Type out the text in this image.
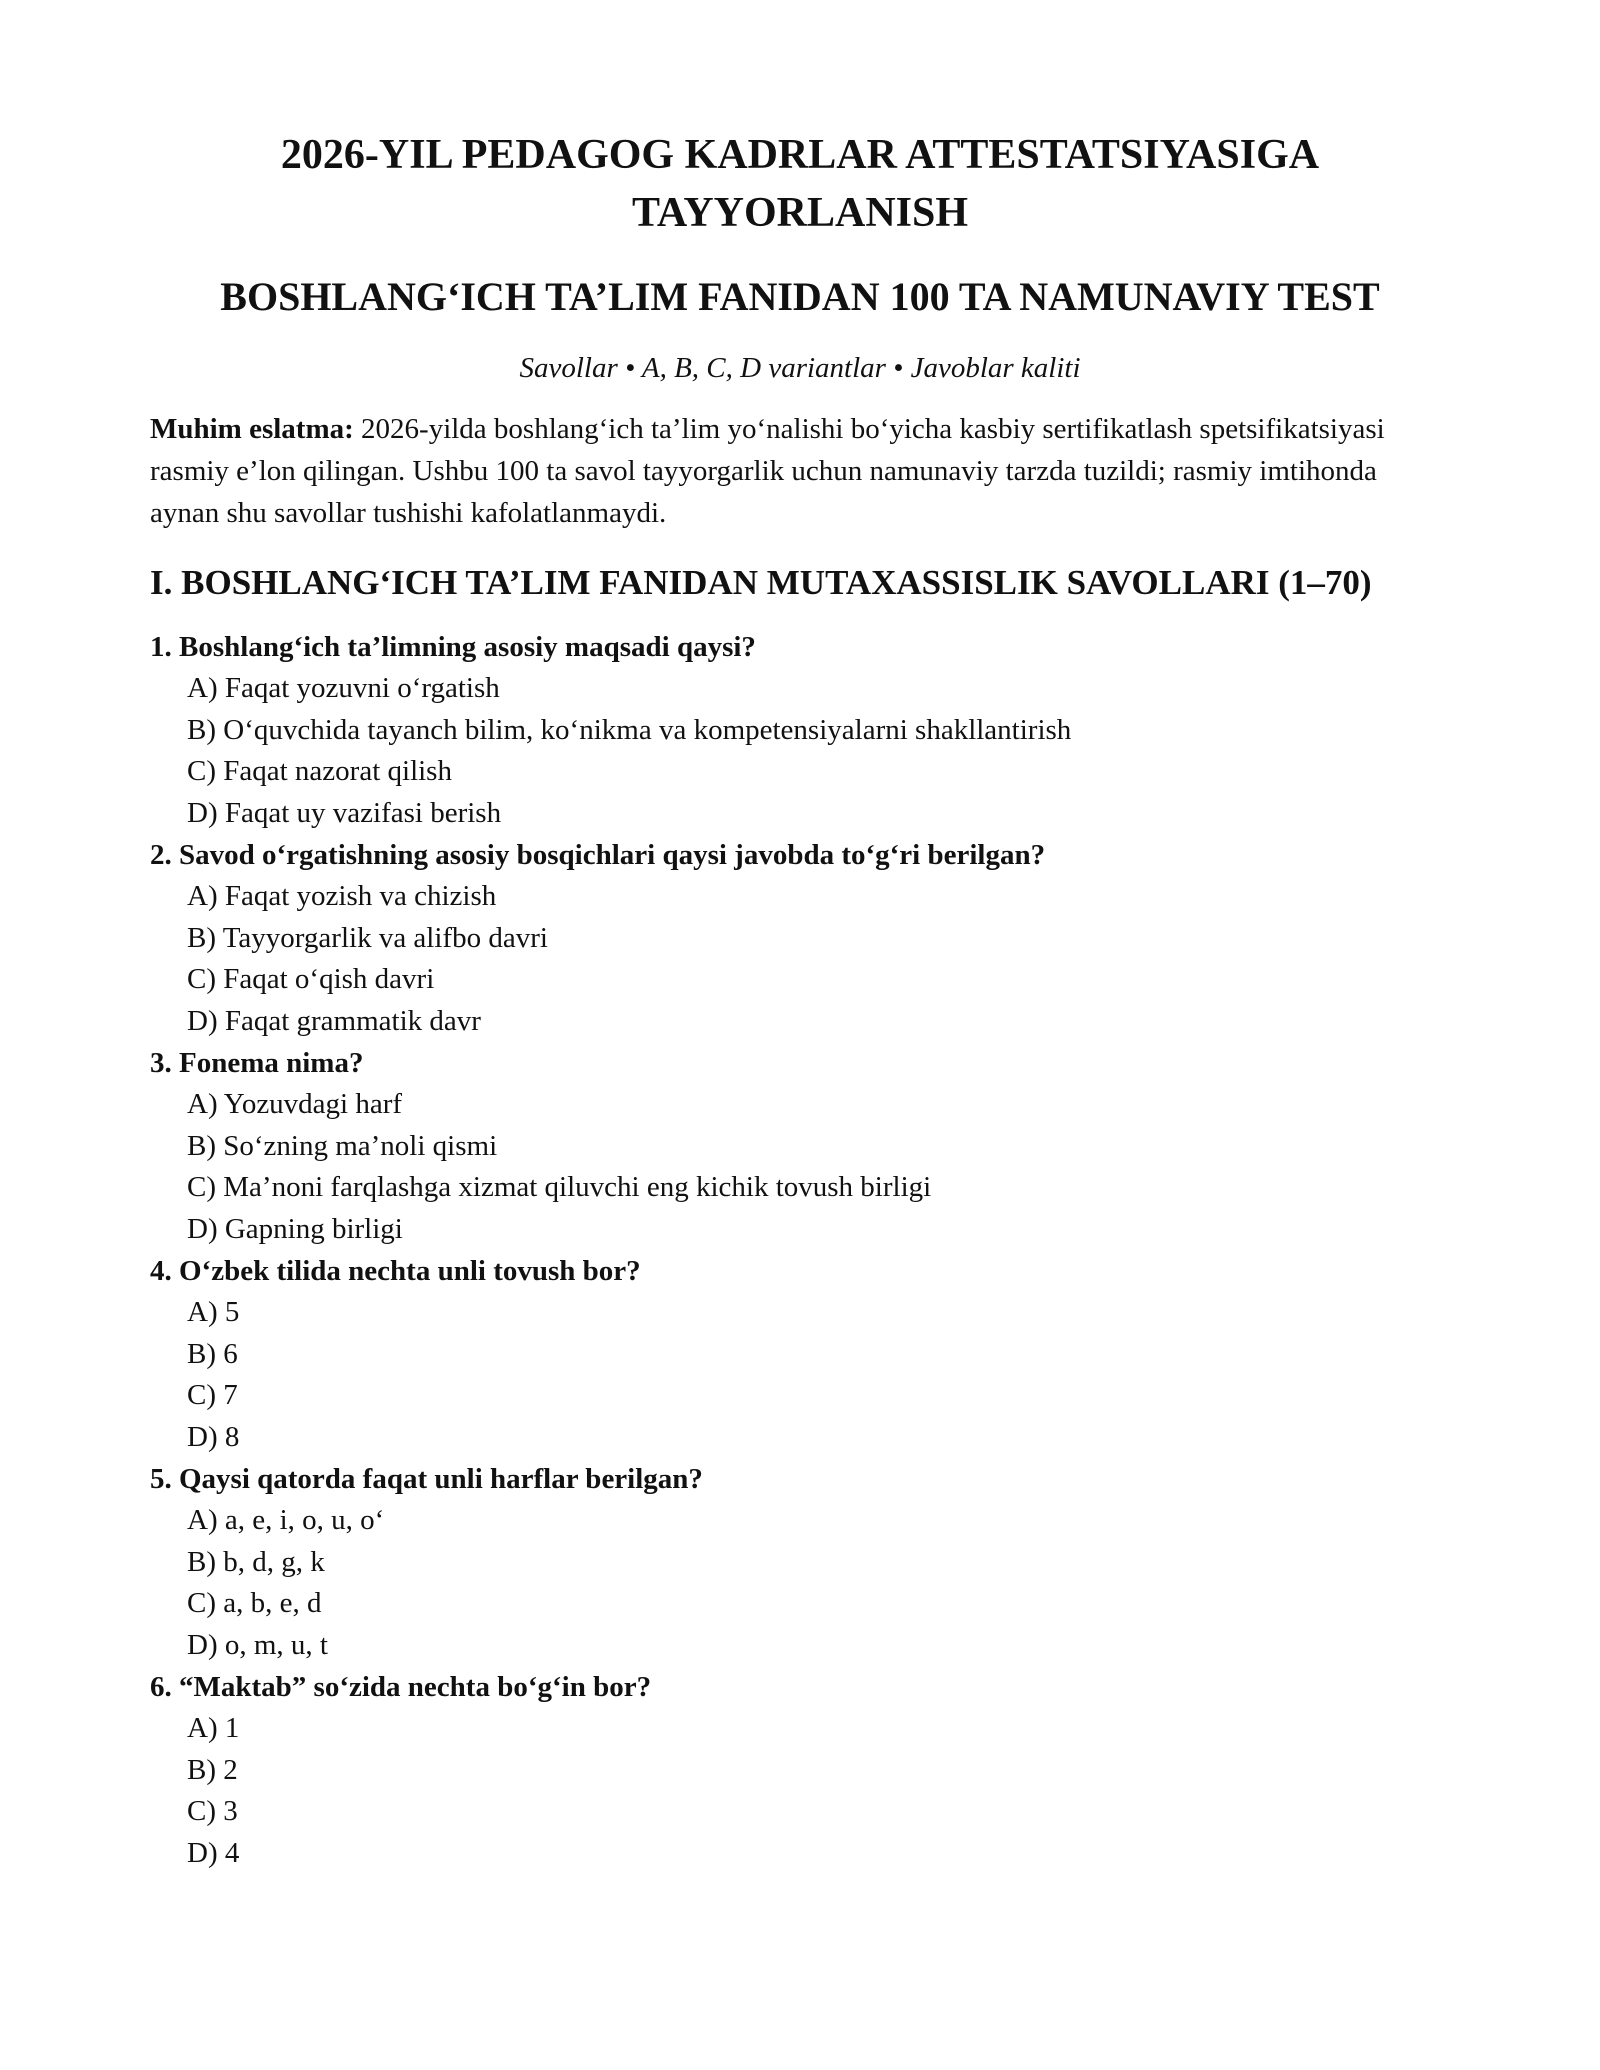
2026-YIL PEDAGOG KADRLAR ATTESTATSIYASIGA TAYYORLANISH
BOSHLANG‘ICH TA’LIM FANIDAN 100 TA NAMUNAVIY TEST

Savollar • A, B, C, D variantlar • Javoblar kaliti

Muhim eslatma: 2026-yilda boshlang‘ich ta’lim yo‘nalishi bo‘yicha kasbiy sertifikatlash spetsifikatsiyasi rasmiy e’lon qilingan. Ushbu 100 ta savol tayyorgarlik uchun namunaviy tarzda tuzildi; rasmiy imtihonda aynan shu savollar tushishi kafolatlanmaydi.

I. BOSHLANG‘ICH TA’LIM FANIDAN MUTAXASSISLIK SAVOLLARI (1–70)

1. Boshlang‘ich ta’limning asosiy maqsadi qaysi?

A) Faqat yozuvni o‘rgatish
B) O‘quvchida tayanch bilim, ko‘nikma va kompetensiyalarni shakllantirish
C) Faqat nazorat qilish
D) Faqat uy vazifasi berish

2. Savod o‘rgatishning asosiy bosqichlari qaysi javobda to‘g‘ri berilgan?

A) Faqat yozish va chizish
B) Tayyorgarlik va alifbo davri
C) Faqat o‘qish davri
D) Faqat grammatik davr

3. Fonema nima?

A) Yozuvdagi harf
B) So‘zning ma’noli qismi
C) Ma’noni farqlashga xizmat qiluvchi eng kichik tovush birligi
D) Gapning birligi

4. O‘zbek tilida nechta unli tovush bor?

A) 5
B) 6
C) 7
D) 8

5. Qaysi qatorda faqat unli harflar berilgan?

A) a, e, i, o, u, o‘
B) b, d, g, k
C) a, b, e, d
D) o, m, u, t

6. “Maktab” so‘zida nechta bo‘g‘in bor?

A) 1
B) 2
C) 3
D) 4
